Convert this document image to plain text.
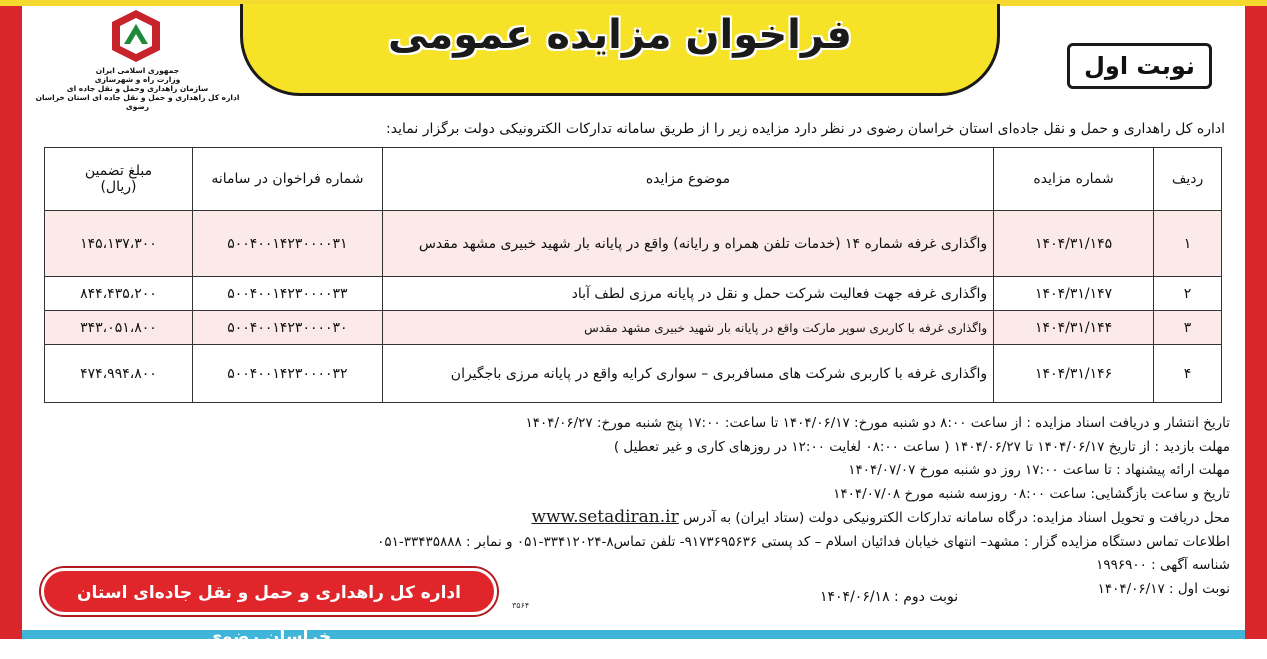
فراخوان مزایده عمومی
جمهوری اسلامی ایران
وزارت راه و شهرسازی
سازمان راهداری وحمل و نقل جاده ای
اداره کل راهداری و حمل و نقل جاده ای استان خراسان رضوی
نوبت اول
اداره کل راهداری و حمل و نقل جاده‌ای استان خراسان رضوی در نظر دارد مزایده زیر را از طریق سامانه تدارکات الکترونیکی دولت برگزار نماید:
ردیف	شماره مزایده	موضوع مزایده	شماره فراخوان در سامانه	مبلغ تضمین
(ریال)

۱	۱۴۰۴/۳۱/۱۴۵	واگذاری غرفه شماره ۱۴ (خدمات تلفن همراه و رایانه) واقع در پایانه بار شهید خبیری مشهد مقدس	۵۰۰۴۰۰۱۴۲۳۰۰۰۰۳۱	۱۴۵،۱۳۷،۳۰۰
۲	۱۴۰۴/۳۱/۱۴۷	واگذاری غرفه جهت فعالیت شرکت حمل و نقل در پایانه مرزی لطف آباد	۵۰۰۴۰۰۱۴۲۳۰۰۰۰۳۳	۸۴۴،۴۳۵،۲۰۰
۳	۱۴۰۴/۳۱/۱۴۴	واگذاری غرفه با کاربری سوپر مارکت واقع در پایانه بار شهید خبیری مشهد مقدس	۵۰۰۴۰۰۱۴۲۳۰۰۰۰۳۰	۳۴۳،۰۵۱،۸۰۰
۴	۱۴۰۴/۳۱/۱۴۶	واگذاری غرفه با کاربری شرکت های مسافربری – سواری کرایه واقع در پایانه مرزی باجگیران	۵۰۰۴۰۰۱۴۲۳۰۰۰۰۳۲	۴۷۴،۹۹۴،۸۰۰
تاریخ انتشار و دریافت اسناد مزایده : از ساعت ۸:۰۰ دو شنبه مورخ: ۱۴۰۴/۰۶/۱۷ تا ساعت: ۱۷:۰۰ پنج شنبه مورخ: ۱۴۰۴/۰۶/۲۷
مهلت بازدید : از تاریخ ۱۴۰۴/۰۶/۱۷ تا ۱۴۰۴/۰۶/۲۷ ( ساعت ۰۸:۰۰ لغایت ۱۲:۰۰ در روزهای کاری و غیر تعطیل )
مهلت ارائه پیشنهاد : تا ساعت ۱۷:۰۰ روز دو شنبه مورخ ۱۴۰۴/۰۷/۰۷
تاریخ و ساعت بازگشایی: ساعت ۰۸:۰۰ روزسه شنبه مورخ ۱۴۰۴/۰۷/۰۸
محل دریافت و تحویل اسناد مزایده: درگاه سامانه تدارکات الکترونیکی دولت (ستاد ایران) به آدرس www.setadiran.ir
اطلاعات تماس دستگاه مزایده گزار : مشهد– انتهای خیابان فدائیان اسلام – کد پستی ۹۱۷۳۶۹۵۶۳۶- تلفن تماس۸-۳۳۴۱۲۰۲۴-۰۵۱ و نمابر : ۳۳۴۳۵۸۸۸-۰۵۱
شناسه آگهی : ۱۹۹۶۹۰۰
نوبت اول : ۱۴۰۴/۰۶/۱۷
نوبت دوم : ۱۴۰۴/۰۶/۱۸
اداره کل راهداری و حمل و نقل جاده‌ای استان خراسان رضوی
۳۵۶۴
